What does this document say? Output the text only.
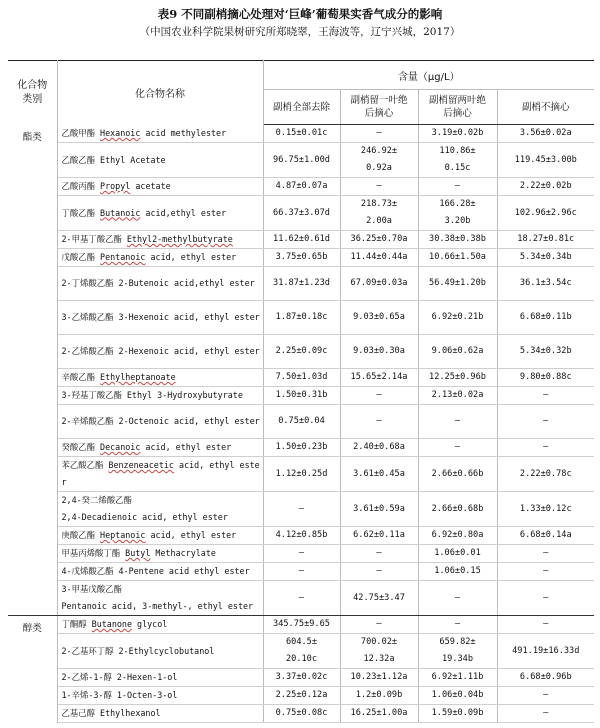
表9 不同副梢摘心处理对‘巨峰’葡萄果实香气成分的影响
（中国农业科学院果树研究所郑晓翠，王海波等，辽宁兴城，2017）
化合物
类别	化合物名称	含量（μg/L）			
		副梢全部去除	副梢留一叶绝
后摘心	副梢留两叶绝
后摘心	副梢不摘心
酯类	乙酸甲酯 Hexanoic acid methylester	0.15±0.01c	—	3.19±0.02b	3.56±0.02a
	乙酸乙酯 Ethyl Acetate	96.75±1.00d	246.92±
0.92a	110.86±
0.15c	119.45±3.00b
	乙酸丙酯 Propyl acetate	4.87±0.07a	—	—	2.22±0.02b
	丁酸乙酯 Butanoic acid,ethyl ester	66.37±3.07d	218.73±
2.00a	166.28±
3.20b	102.96±2.96c
	2-甲基丁酸乙酯 Ethyl2-methylbutyrate	11.62±0.61d	36.25±0.70a	30.38±0.38b	18.27±0.81c
	戊酸乙酯 Pentanoic acid, ethyl ester	3.75±0.65b	11.44±0.44a	10.66±1.50a	5.34±0.34b
	2-丁烯酸乙酯 2-Butenoic acid,ethyl ester	31.87±1.23d	67.09±0.03a	56.49±1.20b	36.1±3.54c
	3-乙烯酸乙酯 3-Hexenoic acid, ethyl ester	1.87±0.18c	9.03±0.65a	6.92±0.21b	6.68±0.11b
	2-乙烯酸乙酯 2-Hexenoic acid, ethyl ester	2.25±0.09c	9.03±0.30a	9.06±0.62a	5.34±0.32b
	辛酸乙酯 Ethylheptanoate	7.50±1.03d	15.65±2.14a	12.25±0.96b	9.80±0.88c
	3-羟基丁酸乙酯 Ethyl 3-Hydroxybutyrate	1.50±0.31b	—	2.13±0.02a	—
	2-辛烯酸乙酯 2-Octenoic acid, ethyl ester	0.75±0.04	—	—	—
	癸酸乙酯 Decanoic acid, ethyl ester	1.50±0.23b	2.40±0.68a	—	—
	苯乙酸乙酯 Benzeneacetic acid, ethyl ester	1.12±0.25d	3.61±0.45a	2.66±0.66b	2.22±0.78c
	2,4-癸二烯酸乙酯
2,4-Decadienoic acid, ethyl ester	—	3.61±0.59a	2.66±0.68b	1.33±0.12c
	庚酸乙酯 Heptanoic acid, ethyl ester	4.12±0.85b	6.62±0.11a	6.92±0.80a	6.68±0.14a
	甲基丙烯酸丁酯 Butyl Methacrylate	—	—	1.06±0.01	—
	4-戊烯酸乙酯 4-Pentene acid ethyl ester	—	—	1.06±0.15	—
	3-甲基戊酸乙酯
Pentanoic acid, 3-methyl-, ethyl ester	—	42.75±3.47	—	—
醇类	丁酮醇 Butanone glycol	345.75±9.65	—	—	—
	2-乙基环丁醇 2-Ethylcyclobutanol	604.5±
20.10c	700.02±
12.32a	659.82±
19.34b	491.19±16.33d
	2-乙烯-1-醇 2-Hexen-1-ol	3.37±0.02c	10.23±1.12a	6.92±1.11b	6.68±0.96b
	1-辛烯-3-醇 1-Octen-3-ol	2.25±0.12a	1.2±0.09b	1.06±0.04b	—
	乙基己醇 Ethylhexanol	0.75±0.08c	16.25±1.00a	1.59±0.09b	—
